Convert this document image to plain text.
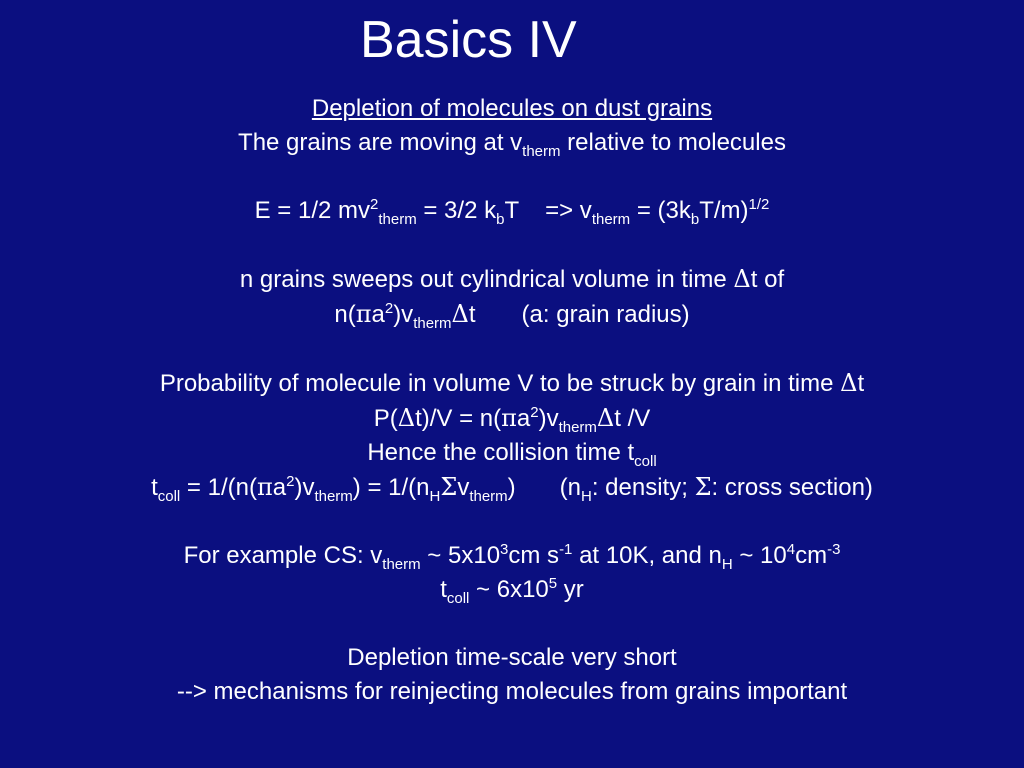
Basics IV
Depletion of molecules on dust grains
The grains are moving at $v_{therm}$ relative to molecules
E = 1/2 $mv^2_{therm} = 3/2$ $k_bT => v_{therm} = (3k_bT/m)^{1/2}$
n grains sweeps out cylindrical volume in time Δt of
$n(\pi a^2)v_{therm}\Delta t$ (a: grain radius)
Probability of molecule in volume V to be struck by grain in time Δt
$P(\Delta t)/V = n(\pi a^2)v_{therm}\Delta t$ /V
Hence the collision time $t_{coll}$
$t_{coll} = 1/(n(\pi a^2)v_{therm}) = 1/(n_H\Sigma v_{therm})$ ($n_H$: density; Σ: cross section)
For example CS: $v_{therm}$ ~ $5x10^3cm$ $s^{-1}$ at 10K, and $n_H$ ~ $10^4cm^{-3}$
$t_{coll}$ ~ $6x10^5$ yr
Depletion time-scale very short
--> mechanisms for reinjecting molecules from grains important
